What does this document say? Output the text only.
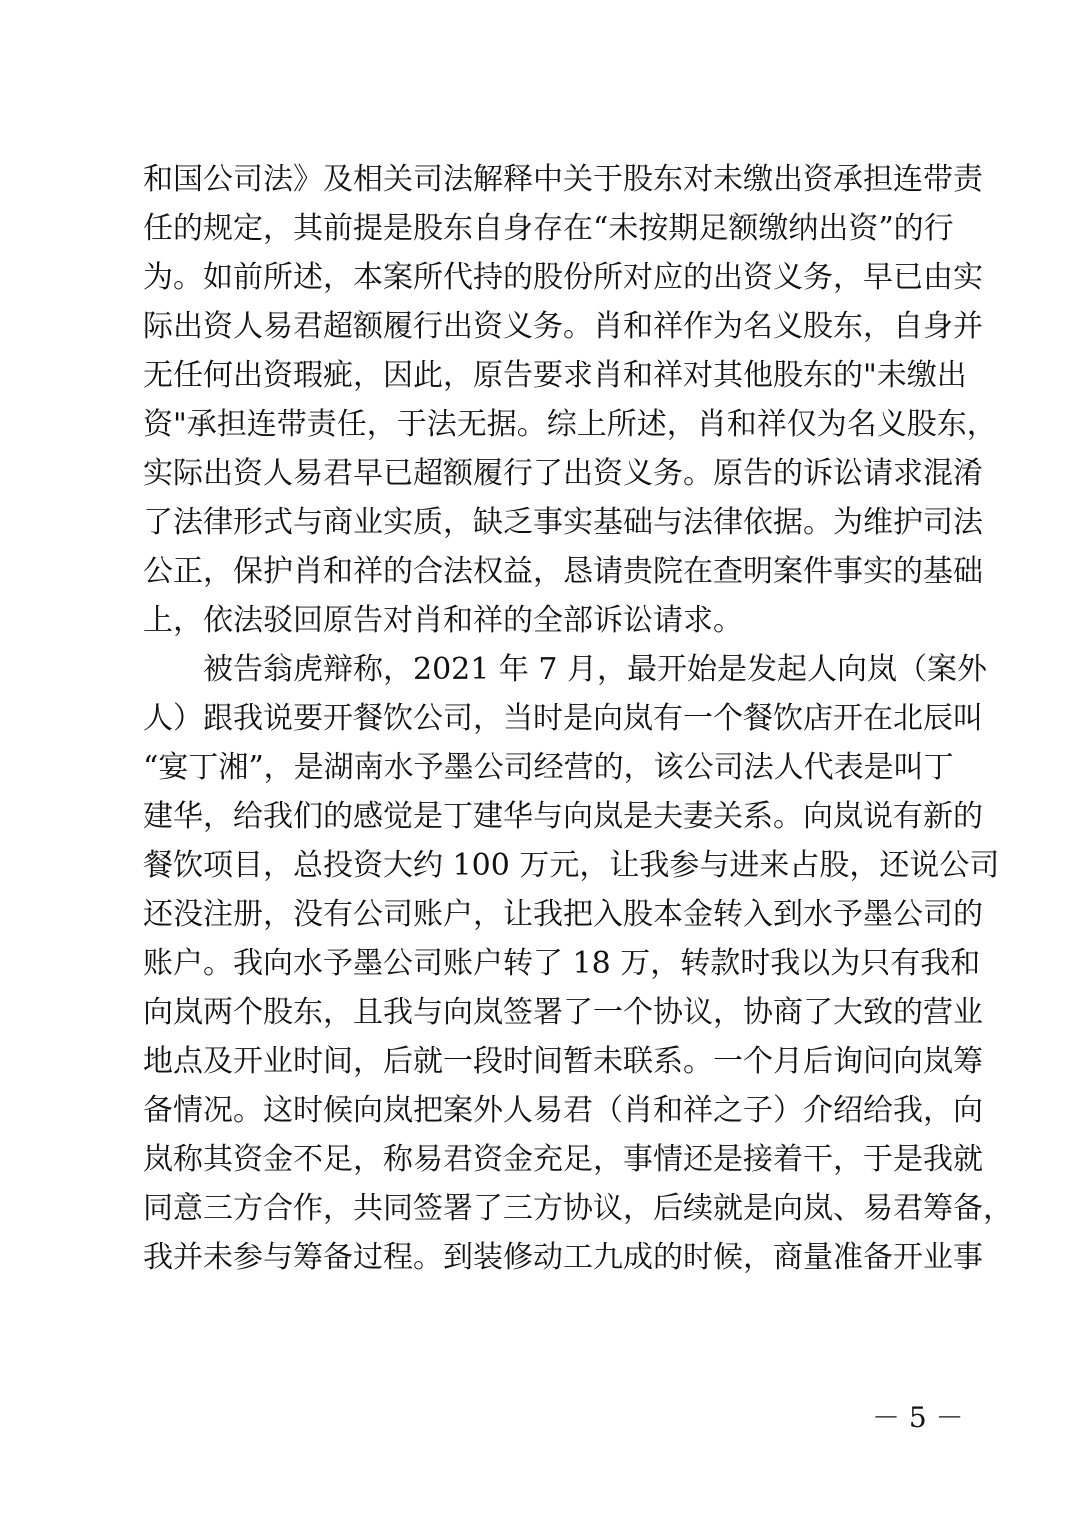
和国公司法》及相关司法解释中关于股东对未缴出资承担连带责
任的规定，其前提是股东自身存在“未按期足额缴纳出资”的行
为。如前所述，本案所代持的股份所对应的出资义务，早已由实
际出资人易君超额履行出资义务。肖和祥作为名义股东，自身并
无任何出资瑕疵，因此，原告要求肖和祥对其他股东的"未缴出
资"承担连带责任，于法无据。综上所述，肖和祥仅为名义股东，
实际出资人易君早已超额履行了出资义务。原告的诉讼请求混淆
了法律形式与商业实质，缺乏事实基础与法律依据。为维护司法
公正，保护肖和祥的合法权益，恳请贵院在查明案件事实的基础
上，依法驳回原告对肖和祥的全部诉讼请求。
　　被告翁虎辩称，2021 年 7 月，最开始是发起人向岚（案外
人）跟我说要开餐饮公司，当时是向岚有一个餐饮店开在北辰叫
“宴丁湘”，是湖南水予墨公司经营的，该公司法人代表是叫丁
建华，给我们的感觉是丁建华与向岚是夫妻关系。向岚说有新的
餐饮项目，总投资大约 100 万元，让我参与进来占股，还说公司
还没注册，没有公司账户，让我把入股本金转入到水予墨公司的
账户。我向水予墨公司账户转了 18 万，转款时我以为只有我和
向岚两个股东，且我与向岚签署了一个协议，协商了大致的营业
地点及开业时间，后就一段时间暂未联系。一个月后询问向岚筹
备情况。这时候向岚把案外人易君（肖和祥之子）介绍给我，向
岚称其资金不足，称易君资金充足，事情还是接着干，于是我就
同意三方合作，共同签署了三方协议，后续就是向岚、易君筹备，
我并未参与筹备过程。到装修动工九成的时候，商量准备开业事
－ 5 －
